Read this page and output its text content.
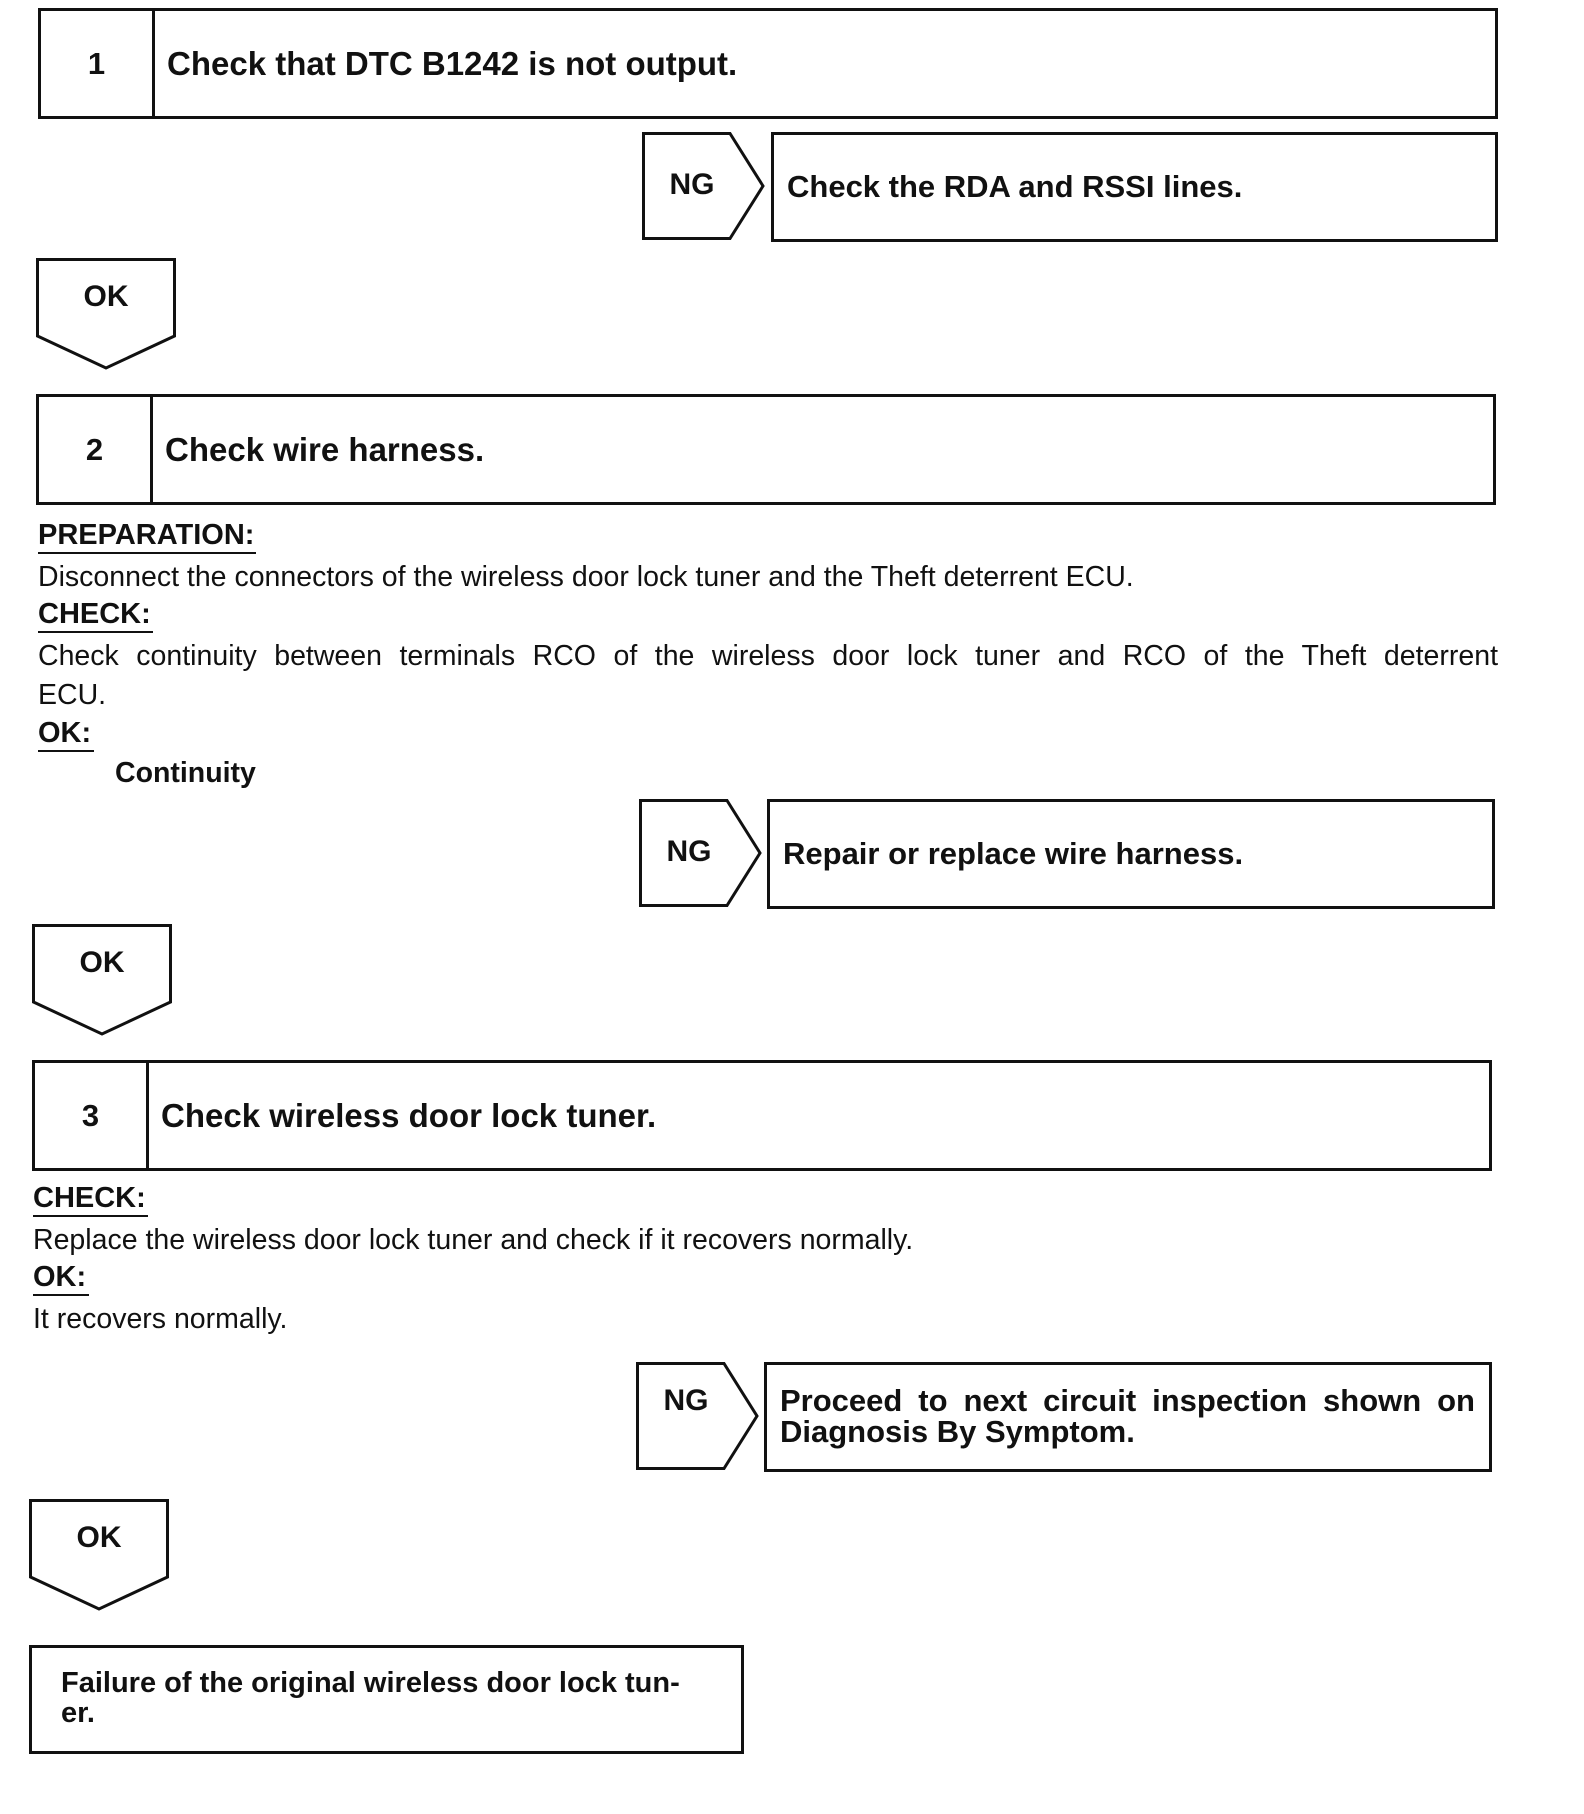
1	Check that DTC B1242 is not output.
NG	Check the RDA and RSSI lines.
OK
2	Check wire harness.
PREPARATION:
Disconnect the connectors of the wireless door lock tuner and the Theft deterrent ECU.
CHECK:
Check continuity between terminals RCO of the wireless door lock tuner and RCO of the Theft deterrent
ECU.
OK:
Continuity
NG	Repair or replace wire harness.
OK
3	Check wireless door lock tuner.
CHECK:
Replace the wireless door lock tuner and check if it recovers normally.
OK:
It recovers normally.
NG	Proceed to next circuit inspection shown on
Diagnosis By Symptom.
OK
Failure of the original wireless door lock tun-
er.
